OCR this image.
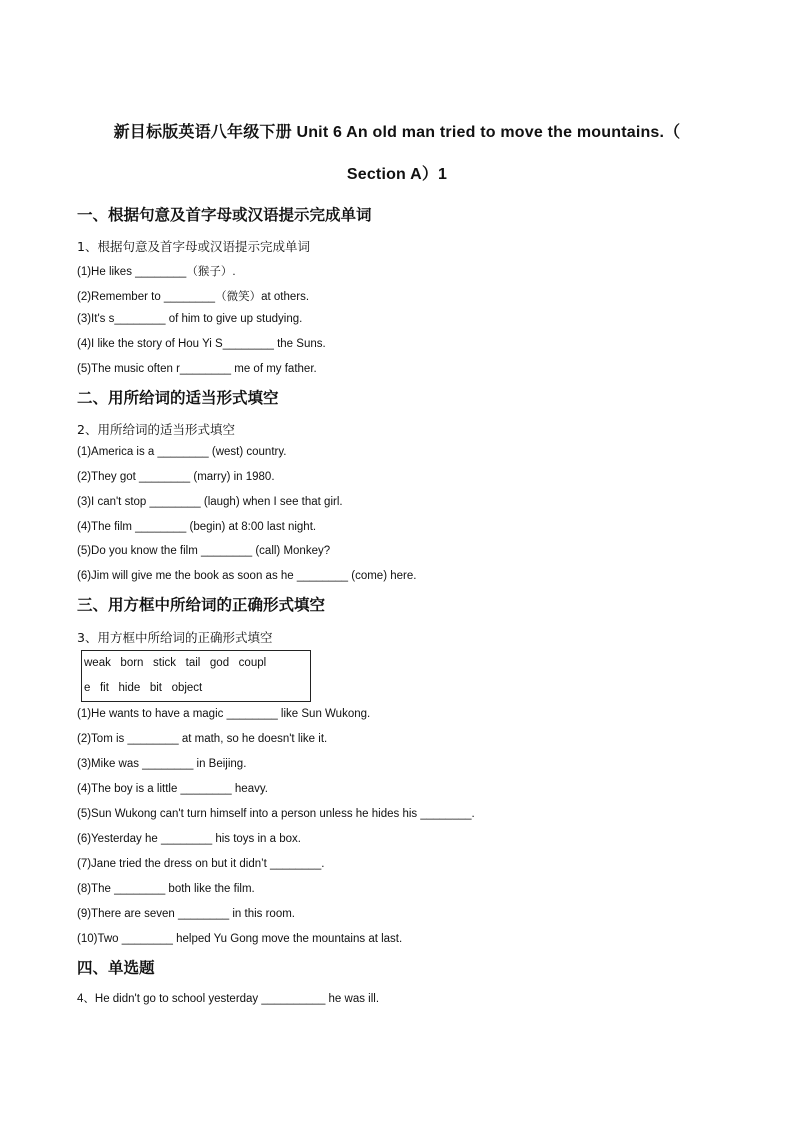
新目标版英语八年级下册 Unit 6 An old man tried to move the mountains.（
Section A）1
一、根据句意及首字母或汉语提示完成单词
1、根据句意及首字母或汉语提示完成单词
(1)He likes ________（猴子）.
(2)Remember to ________（微笑）at others.
(3)It's s________ of him to give up studying.
(4)I like the story of Hou Yi S________ the Suns.
(5)The music often r________ me of my father.
二、用所给词的适当形式填空
2、用所给词的适当形式填空
(1)America is a ________ (west) country.
(2)They got ________ (marry) in 1980.
(3)I can't stop ________ (laugh) when I see that girl.
(4)The film ________ (begin) at 8:00 last night.
(5)Do you know the film ________ (call) Monkey?
(6)Jim will give me the book as soon as he ________ (come) here.
三、用方框中所给词的正确形式填空
3、用方框中所给词的正确形式填空
weak   born   stick   tail   god   coupl
e   fit   hide   bit   object
(1)He wants to have a magic ________ like Sun Wukong.
(2)Tom is ________ at math, so he doesn't like it.
(3)Mike was ________ in Beijing.
(4)The boy is a little ________ heavy.
(5)Sun Wukong can't turn himself into a person unless he hides his ________.
(6)Yesterday he ________ his toys in a box.
(7)Jane tried the dress on but it didn’t ________.
(8)The ________ both like the film.
(9)There are seven ________ in this room.
(10)Two ________ helped Yu Gong move the mountains at last.
四、单选题
4、He didn't go to school yesterday __________ he was ill.
